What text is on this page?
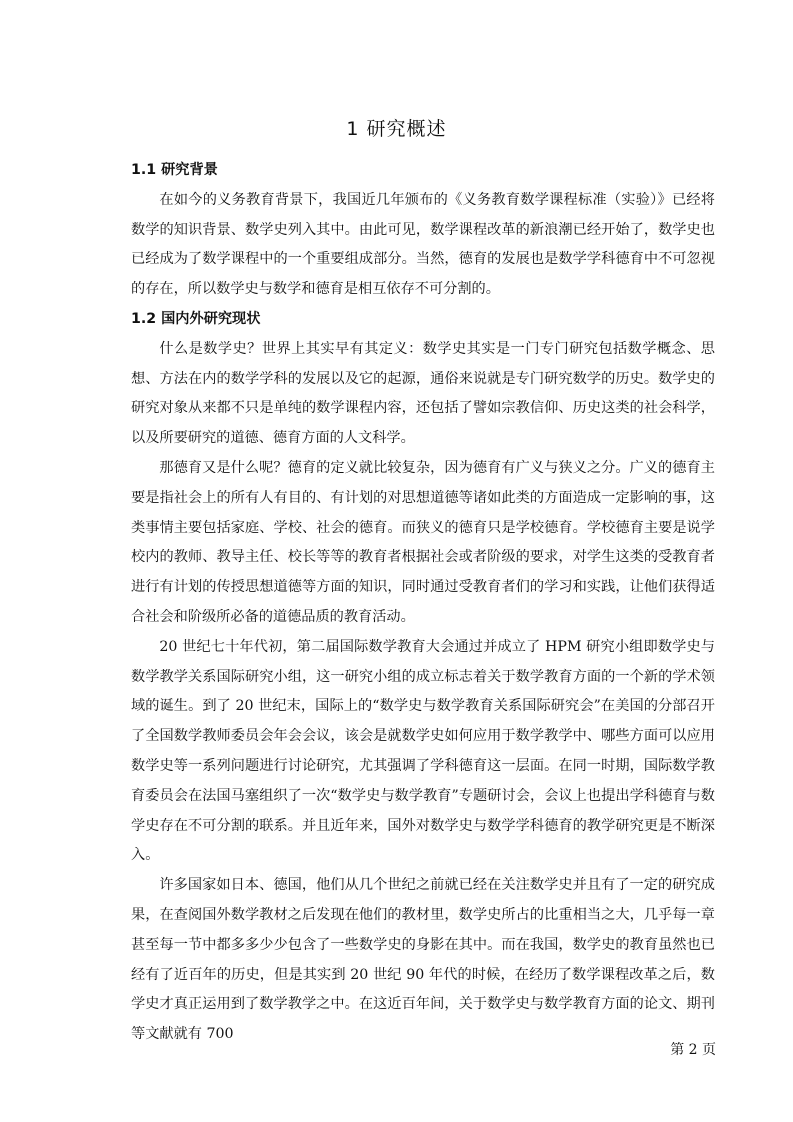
1 研究概述
1.1 研究背景

在如今的义务教育背景下，我国近几年颁布的《义务教育数学课程标准（实验）》已经将数学的知识背景、数学史列入其中。由此可见，数学课程改革的新浪潮已经开始了，数学史也已经成为了数学课程中的一个重要组成部分。当然，德育的发展也是数学学科德育中不可忽视的存在，所以数学史与数学和德育是相互依存不可分割的。

1.2 国内外研究现状

什么是数学史？世界上其实早有其定义：数学史其实是一门专门研究包括数学概念、思想、方法在内的数学学科的发展以及它的起源，通俗来说就是专门研究数学的历史。数学史的研究对象从来都不只是单纯的数学课程内容，还包括了譬如宗教信仰、历史这类的社会科学，以及所要研究的道德、德育方面的人文科学。

那德育又是什么呢？德育的定义就比较复杂，因为德育有广义与狭义之分。广义的德育主要是指社会上的所有人有目的、有计划的对思想道德等诸如此类的方面造成一定影响的事，这类事情主要包括家庭、学校、社会的德育。而狭义的德育只是学校德育。学校德育主要是说学校内的教师、教导主任、校长等等的教育者根据社会或者阶级的要求，对学生这类的受教育者进行有计划的传授思想道德等方面的知识，同时通过受教育者们的学习和实践，让他们获得适合社会和阶级所必备的道德品质的教育活动。

20 世纪七十年代初，第二届国际数学教育大会通过并成立了 HPM 研究小组即数学史与数学教学关系国际研究小组，这一研究小组的成立标志着关于数学教育方面的一个新的学术领域的诞生。到了 20 世纪末，国际上的“数学史与数学教育关系国际研究会”在美国的分部召开了全国数学教师委员会年会会议，该会是就数学史如何应用于数学教学中、哪些方面可以应用数学史等一系列问题进行讨论研究，尤其强调了学科德育这一层面。在同一时期，国际数学教育委员会在法国马塞组织了一次“数学史与数学教育”专题研讨会，会议上也提出学科德育与数学史存在不可分割的联系。并且近年来，国外对数学史与数学学科德育的教学研究更是不断深入。

许多国家如日本、德国，他们从几个世纪之前就已经在关注数学史并且有了一定的研究成果，在查阅国外数学教材之后发现在他们的教材里，数学史所占的比重相当之大，几乎每一章甚至每一节中都多多少少包含了一些数学史的身影在其中。而在我国，数学史的教育虽然也已经有了近百年的历史，但是其实到 20 世纪 90 年代的时候，在经历了数学课程改革之后，数学史才真正运用到了数学教学之中。在这近百年间，关于数学史与数学教育方面的论文、期刊等文献就有 700

第 2 页
